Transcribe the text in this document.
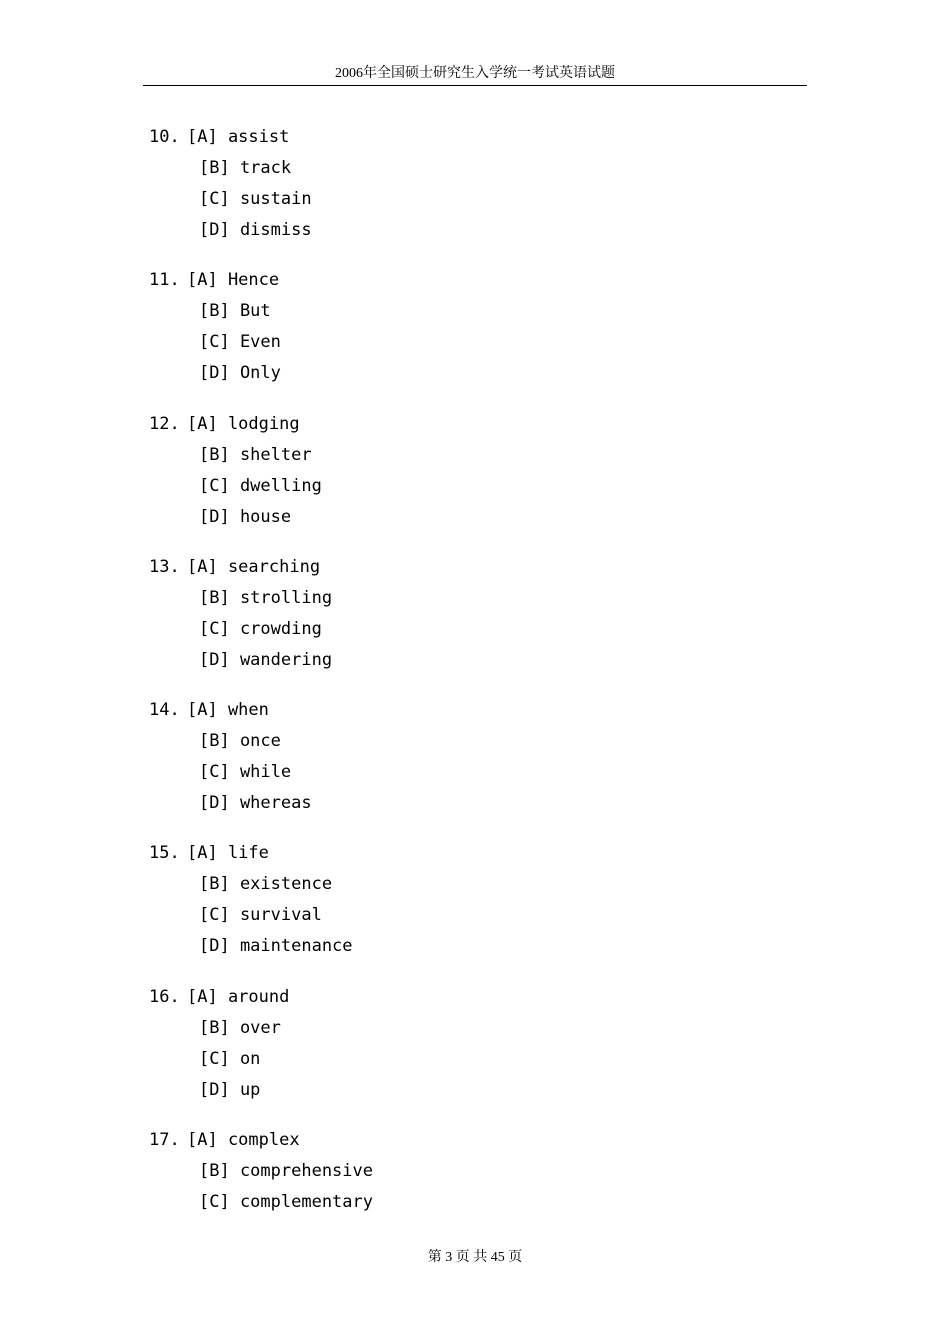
2006年全国硕士研究生入学统一考试英语试题
10. [A] assist
[B] track
[C] sustain
[D] dismiss
11. [A] Hence
[B] But
[C] Even
[D] Only
12. [A] lodging
[B] shelter
[C] dwelling
[D] house
13. [A] searching
[B] strolling
[C] crowding
[D] wandering
14. [A] when
[B] once
[C] while
[D] whereas
15. [A] life
[B] existence
[C] survival
[D] maintenance
16. [A] around
[B] over
[C] on
[D] up
17. [A] complex
[B] comprehensive
[C] complementary
第 3 页 共 45 页
